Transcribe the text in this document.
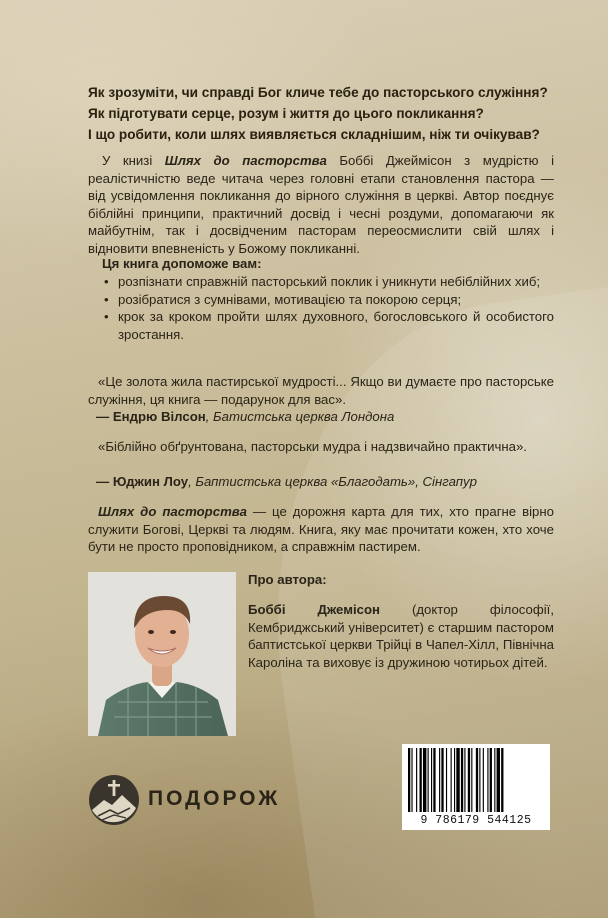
Як зрозуміти, чи справді Бог кличе тебе до пасторського служіння?
Як підготувати серце, розум і життя до цього покликання?
І що робити, коли шлях виявляється складнішим, ніж ти очікував?
У книзі Шлях до пасторства Боббі Джеймісон з мудрістю і реалістичністю веде читача через головні етапи становлення пастора — від усвідомлення покликання до вірного служіння в церкві. Автор поєднує біблійні принципи, практичний досвід і чесні роздуми, допомагаючи як майбутнім, так і досвідченим пасторам переосмислити свій шлях і відновити впевненість у Божому покликанні.
Ця книга допоможе вам:
• розпізнати справжній пасторський поклик і уникнути небіблійних хиб;
• розібратися з сумнівами, мотивацією та покорою серця;
• крок за кроком пройти шлях духовного, богословського й особистого зростання.
«Це золота жила пастирської мудрості... Якщо ви думаєте про пасторське служіння, ця книга — подарунок для вас».
— Ендрю Вілсон, Батистська церква Лондона
«Біблійно обґрунтована, пасторськи мудра і надзвичайно практична».
— Юджин Лоу, Баптистська церква «Благодать», Сінгапур
Шлях до пасторства — це дорожня карта для тих, хто прагне вірно служити Богові, Церкві та людям. Книга, яку має прочитати кожен, хто хоче бути не просто проповідником, а справжнім пастирем.
Про автора:
Боббі Джемісон (доктор філософії, Кембриджський університет) є старшим пастором баптистської церкви Трійці в Чапел-Хілл, Північна Кароліна та виховує із дружиною чотирьох дітей.
ПОДОРОЖ
9 786179 544125
